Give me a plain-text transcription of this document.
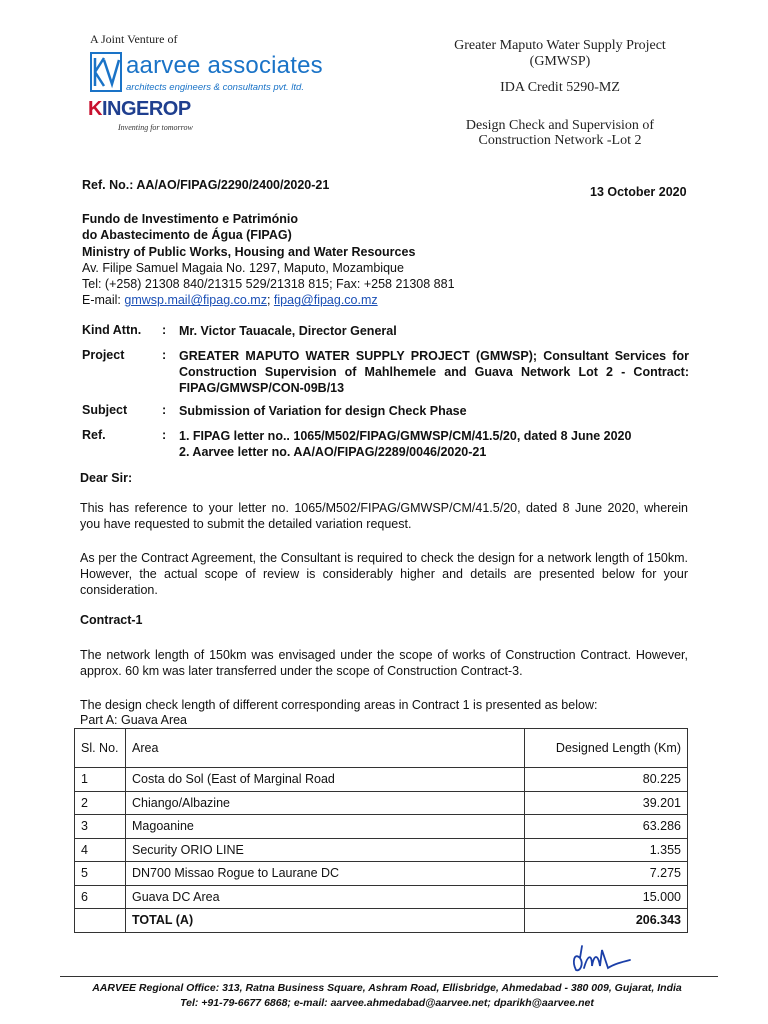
A Joint Venture of
aarvee associates
architects engineers & consultants pvt. ltd.
KINGEROP
Inventing for tomorrow
Greater Maputo Water Supply Project
(GMWSP)
IDA Credit 5290-MZ
Design Check and Supervision of
Construction Network -Lot 2
Ref. No.: AA/AO/FIPAG/2290/2400/2020-21	13 October 2020
Fundo de Investimento e Património
do Abastecimento de Água (FIPAG)
Ministry of Public Works, Housing and Water Resources
Av. Filipe Samuel Magaia No. 1297, Maputo, Mozambique
Tel: (+258) 21308 840/21315 529/21318 815; Fax: +258 21308 881
E-mail: gmwsp.mail@fipag.co.mz; fipag@fipag.co.mz
Kind Attn.	: Mr. Victor Tauacale, Director General
Project	: GREATER MAPUTO WATER SUPPLY PROJECT (GMWSP); Consultant Services for Construction Supervision of Mahlhemele and Guava Network Lot 2 - Contract: FIPAG/GMWSP/CON-09B/13
Subject	: Submission of Variation for design Check Phase
Ref.	: 1. FIPAG letter no.. 1065/M502/FIPAG/GMWSP/CM/41.5/20, dated 8 June 2020
2. Aarvee letter no. AA/AO/FIPAG/2289/0046/2020-21
Dear Sir:
This has reference to your letter no. 1065/M502/FIPAG/GMWSP/CM/41.5/20, dated 8 June 2020, wherein you have requested to submit the detailed variation request.
As per the Contract Agreement, the Consultant is required to check the design for a network length of 150km. However, the actual scope of review is considerably higher and details are presented below for your consideration.
Contract-1
The network length of 150km was envisaged under the scope of works of Construction Contract. However, approx. 60 km was later transferred under the scope of Construction Contract-3.
The design check length of different corresponding areas in Contract 1 is presented as below:
Part A: Guava Area
Sl. No.	Area	Designed Length (Km)
1	Costa do Sol (East of Marginal Road	80.225
2	Chiango/Albazine	39.201
3	Magoanine	63.286
4	Security ORIO LINE	1.355
5	DN700 Missao Rogue to Laurane DC	7.275
6	Guava DC Area	15.000
	TOTAL (A)	206.343
AARVEE Regional Office: 313, Ratna Business Square, Ashram Road, Ellisbridge, Ahmedabad - 380 009, Gujarat, India
Tel: +91-79-6677 6868; e-mail: aarvee.ahmedabad@aarvee.net; dparikh@aarvee.net
